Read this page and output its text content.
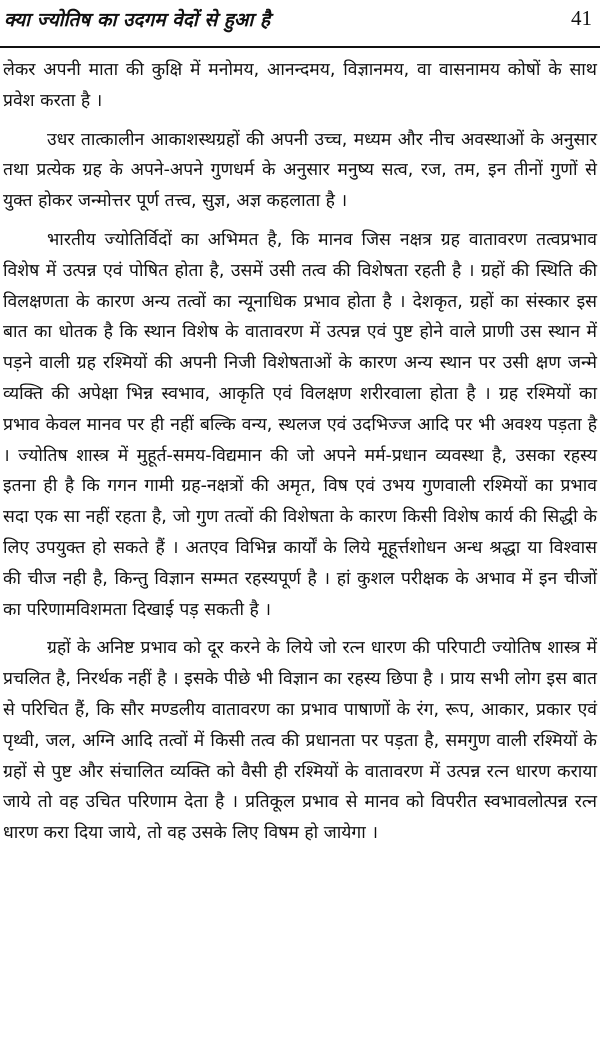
क्या ज्योतिष का उदगम वेदों से हुआ है	41

लेकर अपनी माता की कुक्षि में मनोमय, आनन्दमय, विज्ञानमय, वा वासनामय कोषों के साथ प्रवेश करता है ।

उधर तात्कालीन आकाशस्थग्रहों की अपनी उच्च, मध्यम और नीच अवस्थाओं के अनुसार तथा प्रत्येक ग्रह के अपने-अपने गुणधर्म के अनुसार मनुष्य सत्व, रज, तम, इन तीनों गुणों से युक्त होकर जन्मोत्तर पूर्ण तत्त्व, सुज्ञ, अज्ञ कहलाता है ।

भारतीय ज्योतिर्विदों का अभिमत है, कि मानव जिस नक्षत्र ग्रह वातावरण तत्वप्रभाव विशेष में उत्पन्न एवं पोषित होता है, उसमें उसी तत्व की विशेषता रहती है । ग्रहों की स्थिति की विलक्षणता के कारण अन्य तत्वों का न्यूनाधिक प्रभाव होता है । देशकृत, ग्रहों का संस्कार इस बात का धोतक है कि स्थान विशेष के वातावरण में उत्पन्न एवं पुष्ट होने वाले प्राणी उस स्थान में पड़ने वाली ग्रह रश्मियों की अपनी निजी विशेषताओं के कारण अन्य स्थान पर उसी क्षण जन्मे व्यक्ति की अपेक्षा भिन्न स्वभाव, आकृति एवं विलक्षण शरीरवाला होता है । ग्रह रश्मियों का प्रभाव केवल मानव पर ही नहीं बल्कि वन्य, स्थलज एवं उदभिज्ज आदि पर भी अवश्य पड़ता है । ज्योतिष शास्त्र में मुहूर्त-समय-विद्यमान की जो अपने मर्म-प्रधान व्यवस्था है, उसका रहस्य इतना ही है कि गगन गामी ग्रह-नक्षत्रों की अमृत, विष एवं उभय गुणवाली रश्मियों का प्रभाव सदा एक सा नहीं रहता है, जो गुण तत्वों की विशेषता के कारण किसी विशेष कार्य की सिद्धी के लिए उपयुक्त हो सकते हैं । अतएव विभिन्न कार्यों के लिये मूहूर्त्तशोधन अन्ध श्रद्धा या विश्वास की चीज नही है, किन्तु विज्ञान सम्मत रहस्यपूर्ण है । हां कुशल परीक्षक के अभाव में इन चीजों का परिणामविशमता दिखाई पड़ सकती है ।

ग्रहों के अनिष्ट प्रभाव को दूर करने के लिये जो रत्न धारण की परिपाटी ज्योतिष शास्त्र में प्रचलित है, निरर्थक नहीं है । इसके पीछे भी विज्ञान का रहस्य छिपा है । प्राय सभी लोग इस बात से परिचित हैं, कि सौर मण्डलीय वातावरण का प्रभाव पाषाणों के रंग, रूप, आकार, प्रकार एवं पृथ्वी, जल, अग्नि आदि तत्वों में किसी तत्व की प्रधानता पर पड़ता है, समगुण वाली रश्मियों के ग्रहों से पुष्ट और संचालित व्यक्ति को वैसी ही रश्मियों के वातावरण में उत्पन्न रत्न धारण कराया जाये तो वह उचित परिणाम देता है । प्रतिकूल प्रभाव से मानव को विपरीत स्वभावलोत्पन्न रत्न धारण करा दिया जाये, तो वह उसके लिए विषम हो जायेगा ।
